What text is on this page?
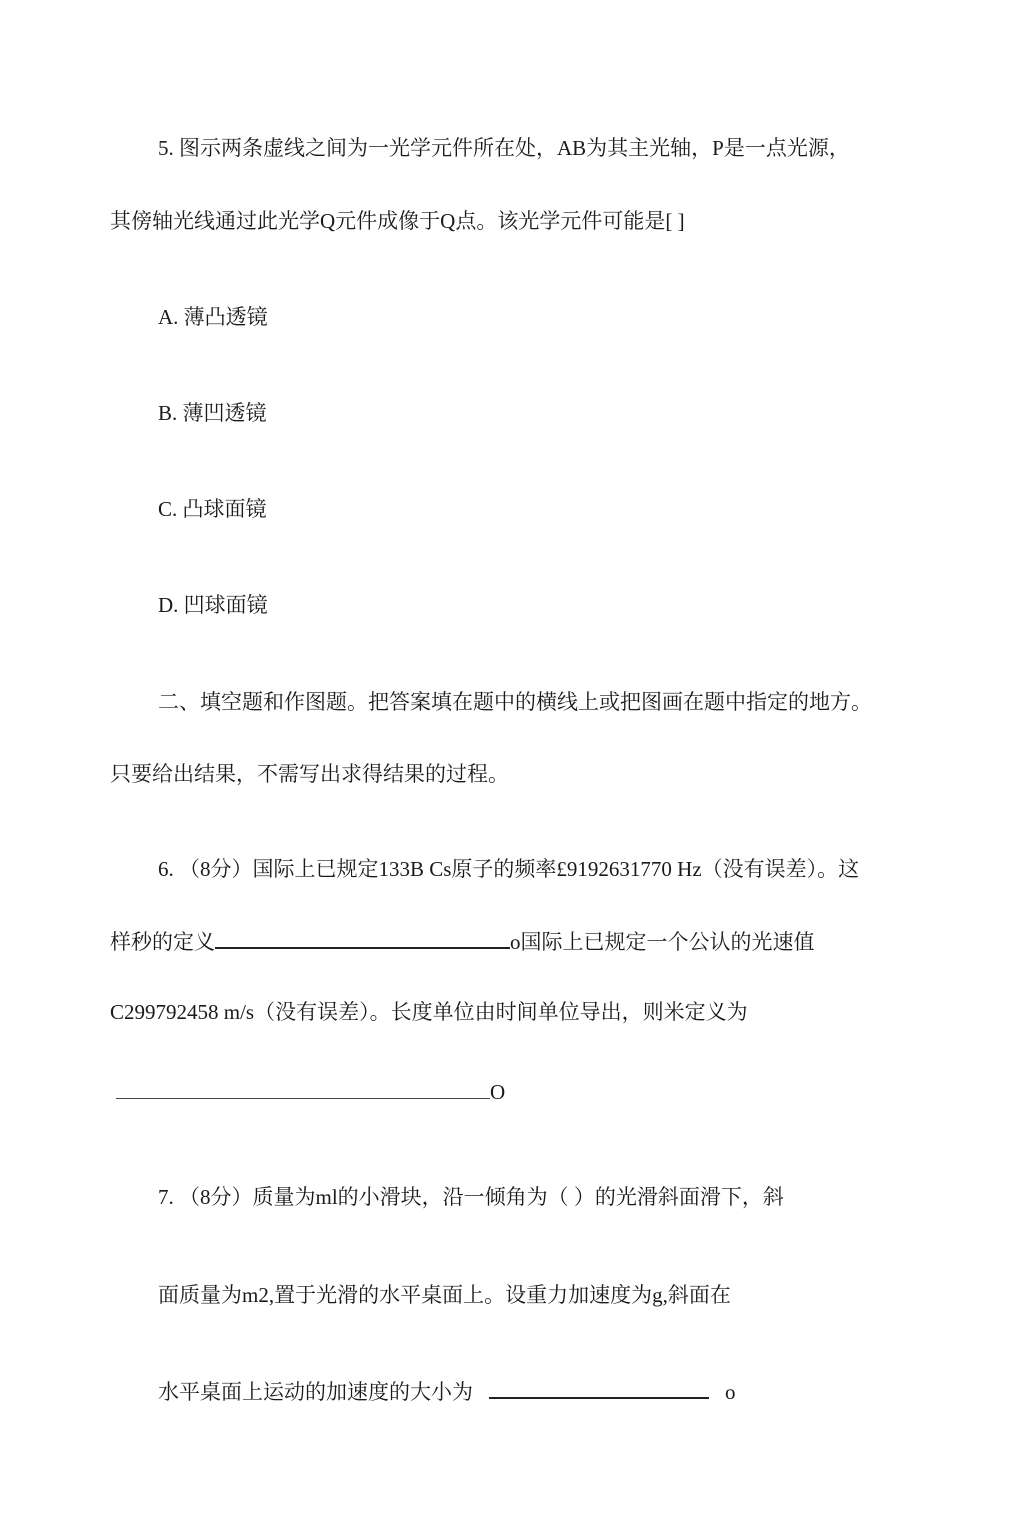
5. 图示两条虚线之间为一光学元件所在处，AB为其主光轴，P是一点光源，
其傍轴光线通过此光学Q元件成像于Q点。该光学元件可能是[ ]
A. 薄凸透镜
B. 薄凹透镜
C. 凸球面镜
D. 凹球面镜
二、填空题和作图题。把答案填在题中的横线上或把图画在题中指定的地方。
只要给出结果，不需写出求得结果的过程。
6. （8分）国际上已规定133B Cs原子的频率£9192631770 Hz（没有误差）。这
样秒的定义	o国际上已规定一个公认的光速值
C299792458 m/s（没有误差）。长度单位由时间单位导出，则米定义为
O
7. （8分）质量为ml的小滑块，沿一倾角为（ ）的光滑斜面滑下，斜
面质量为m2,置于光滑的水平桌面上。设重力加速度为g,斜面在
水平桌面上运动的加速度的大小为	o
